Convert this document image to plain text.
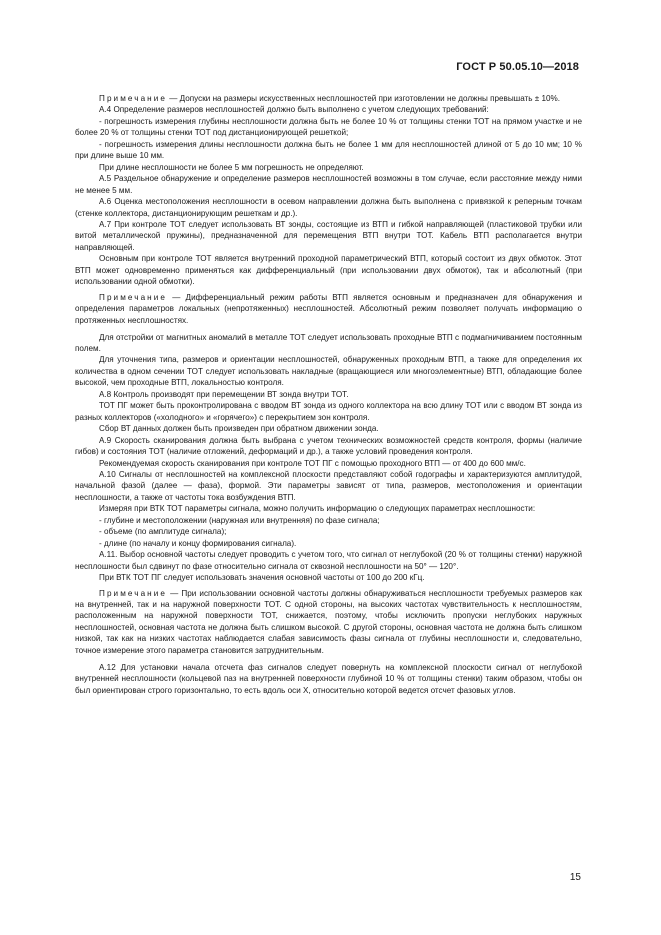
ГОСТ Р 50.05.10—2018

Примечание — Допуски на размеры искусственных несплошностей при изготовлении не должны превышать ± 10%.

А.4 Определение размеров несплошностей должно быть выполнено с учетом следующих требований:

- погрешность измерения глубины несплошности должна быть не более 10 % от толщины стенки ТОТ на прямом участке и не более 20 % от толщины стенки ТОТ под дистанционирующей решеткой;

- погрешность измерения длины несплошности должна быть не более 1 мм для несплошностей длиной от 5 до 10 мм; 10 % при длине выше 10 мм.

При длине несплошности не более 5 мм погрешность не определяют.

А.5 Раздельное обнаружение и определение размеров несплошностей возможны в том случае, если расстояние между ними не менее 5 мм.

А.6 Оценка местоположения несплошности в осевом направлении должна быть выполнена с привязкой к реперным точкам (стенке коллектора, дистанционирующим решеткам и др.).

А.7 При контроле ТОТ следует использовать ВТ зонды, состоящие из ВТП и гибкой направляющей (пластиковой трубки или витой металлической пружины), предназначенной для перемещения ВТП внутри ТОТ. Кабель ВТП располагается внутри направляющей.

Основным при контроле ТОТ является внутренний проходной параметрический ВТП, который состоит из двух обмоток. Этот ВТП может одновременно применяться как дифференциальный (при использовании двух обмоток), так и абсолютный (при использовании одной обмотки).

Примечание — Дифференциальный режим работы ВТП является основным и предназначен для обнаружения и определения параметров локальных (непротяженных) несплошностей. Абсолютный режим позволяет получать информацию о протяженных несплошностях.

Для отстройки от магнитных аномалий в металле ТОТ следует использовать проходные ВТП с подмагничиванием постоянным полем.

Для уточнения типа, размеров и ориентации несплошностей, обнаруженных проходным ВТП, а также для определения их количества в одном сечении ТОТ следует использовать накладные (вращающиеся или многоэлементные) ВТП, обладающие более высокой, чем проходные ВТП, локальностью контроля.

А.8 Контроль производят при перемещении ВТ зонда внутри ТОТ.

ТОТ ПГ может быть проконтролирована с вводом ВТ зонда из одного коллектора на всю длину ТОТ или с вводом ВТ зонда из разных коллекторов («холодного» и «горячего») с перекрытием зон контроля.

Сбор ВТ данных должен быть произведен при обратном движении зонда.

А.9 Скорость сканирования должна быть выбрана с учетом технических возможностей средств контроля, формы (наличие гибов) и состояния ТОТ (наличие отложений, деформаций и др.), а также условий проведения контроля.

Рекомендуемая скорость сканирования при контроле ТОТ ПГ с помощью проходного ВТП — от 400 до 600 мм/с.

А.10 Сигналы от несплошностей на комплексной плоскости представляют собой годографы и характеризуются амплитудой, начальной фазой (далее — фаза), формой. Эти параметры зависят от типа, размеров, местоположения и ориентации несплошности, а также от частоты тока возбуждения ВТП.

Измеряя при ВТК ТОТ параметры сигнала, можно получить информацию о следующих параметрах несплошности:

- глубине и местоположении (наружная или внутренняя) по фазе сигнала;

- объеме (по амплитуде сигнала);

- длине (по началу и концу формирования сигнала).

А.11. Выбор основной частоты следует проводить с учетом того, что сигнал от неглубокой (20 % от толщины стенки) наружной несплошности был сдвинут по фазе относительно сигнала от сквозной несплошности на 50° — 120°.

При ВТК ТОТ ПГ следует использовать значения основной частоты от 100 до 200 кГц.

Примечание — При использовании основной частоты должны обнаруживаться несплошности требуемых размеров как на внутренней, так и на наружной поверхности ТОТ. С одной стороны, на высоких частотах чувствительность к несплошностям, расположенным на наружной поверхности ТОТ, снижается, поэтому, чтобы исключить пропуски неглубоких наружных несплошностей, основная частота не должна быть слишком высокой. С другой стороны, основная частота не должна быть слишком низкой, так как на низких частотах наблюдается слабая зависимость фазы сигнала от глубины несплошности и, следовательно, точное измерение этого параметра становится затруднительным.

А.12 Для установки начала отсчета фаз сигналов следует повернуть на комплексной плоскости сигнал от неглубокой внутренней несплошности (кольцевой паз на внутренней поверхности глубиной 10 % от толщины стенки) таким образом, чтобы он был ориентирован строго горизонтально, то есть вдоль оси X, относительно которой ведется отсчет фазовых углов.

15
